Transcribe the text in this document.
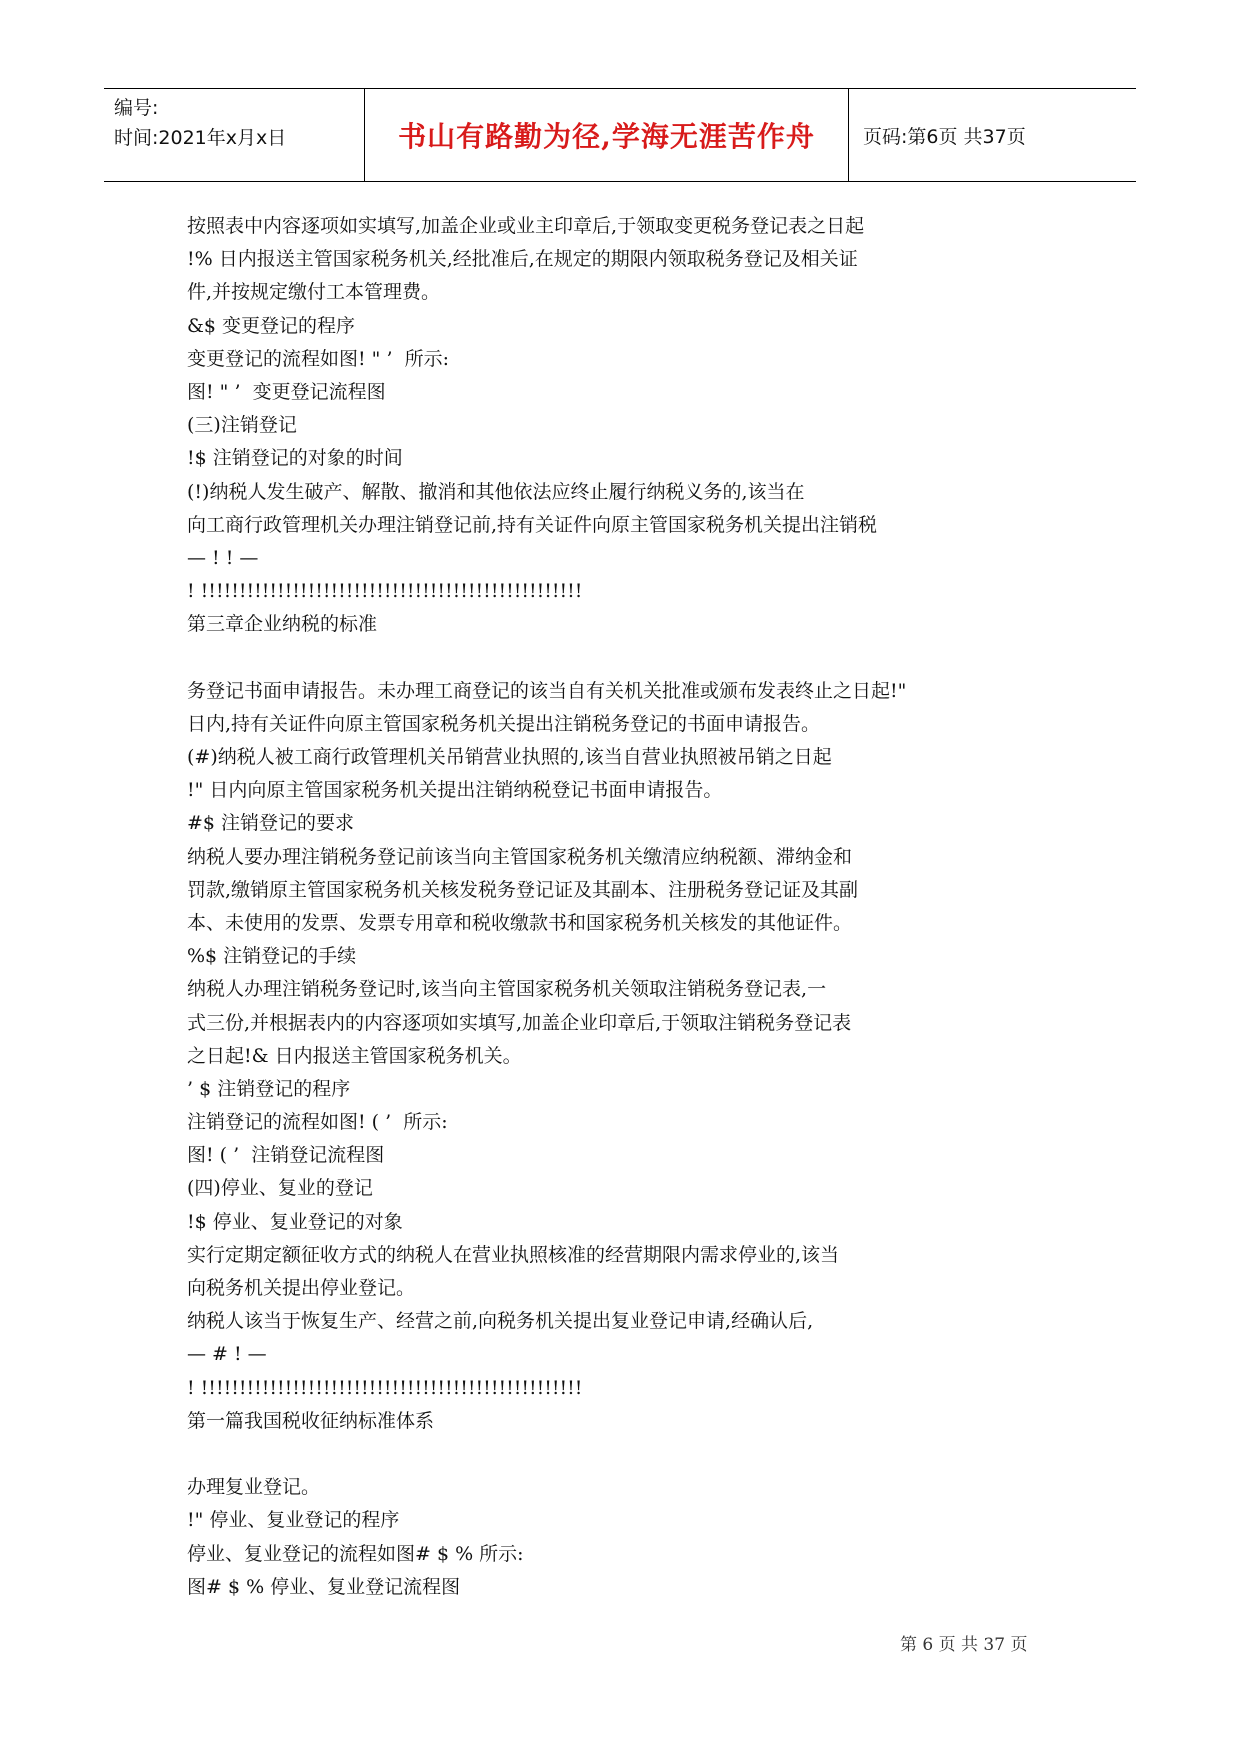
编号:
时间:2021年x月x日	书山有路勤为径,学海无涯苦作舟	页码:第6页 共37页
按照表中内容逐项如实填写,加盖企业或业主印章后,于领取变更税务登记表之日起
!% 日内报送主管国家税务机关,经批准后,在规定的期限内领取税务登记及相关证
件,并按规定缴付工本管理费。
&$ 变更登记的程序
变更登记的流程如图! " ’  所示:
图! " ’  变更登记流程图
(三)注销登记
!$ 注销登记的对象的时间
(!)纳税人发生破产、解散、撤消和其他依法应终止履行纳税义务的,该当在
向工商行政管理机关办理注销登记前,持有关证件向原主管国家税务机关提出注销税
— ! ! —
! !!!!!!!!!!!!!!!!!!!!!!!!!!!!!!!!!!!!!!!!!!!!!!!!!!
第三章企业纳税的标准
务登记书面申请报告。未办理工商登记的该当自有关机关批准或颁布发表终止之日起!"
日内,持有关证件向原主管国家税务机关提出注销税务登记的书面申请报告。
(#)纳税人被工商行政管理机关吊销营业执照的,该当自营业执照被吊销之日起
!" 日内向原主管国家税务机关提出注销纳税登记书面申请报告。
#$ 注销登记的要求
纳税人要办理注销税务登记前该当向主管国家税务机关缴清应纳税额、滞纳金和
罚款,缴销原主管国家税务机关核发税务登记证及其副本、注册税务登记证及其副
本、未使用的发票、发票专用章和税收缴款书和国家税务机关核发的其他证件。
%$ 注销登记的手续
纳税人办理注销税务登记时,该当向主管国家税务机关领取注销税务登记表,一
式三份,并根据表内的内容逐项如实填写,加盖企业印章后,于领取注销税务登记表
之日起!& 日内报送主管国家税务机关。
’ $ 注销登记的程序
注销登记的流程如图! ( ’  所示:
图! ( ’  注销登记流程图
(四)停业、复业的登记
!$ 停业、复业登记的对象
实行定期定额征收方式的纳税人在营业执照核准的经营期限内需求停业的,该当
向税务机关提出停业登记。
纳税人该当于恢复生产、经营之前,向税务机关提出复业登记申请,经确认后,
— # ! —
! !!!!!!!!!!!!!!!!!!!!!!!!!!!!!!!!!!!!!!!!!!!!!!!!!!
第一篇我国税收征纳标准体系
办理复业登记。
!" 停业、复业登记的程序
停业、复业登记的流程如图# $ % 所示:
图# $ % 停业、复业登记流程图
第 6 页 共 37 页
